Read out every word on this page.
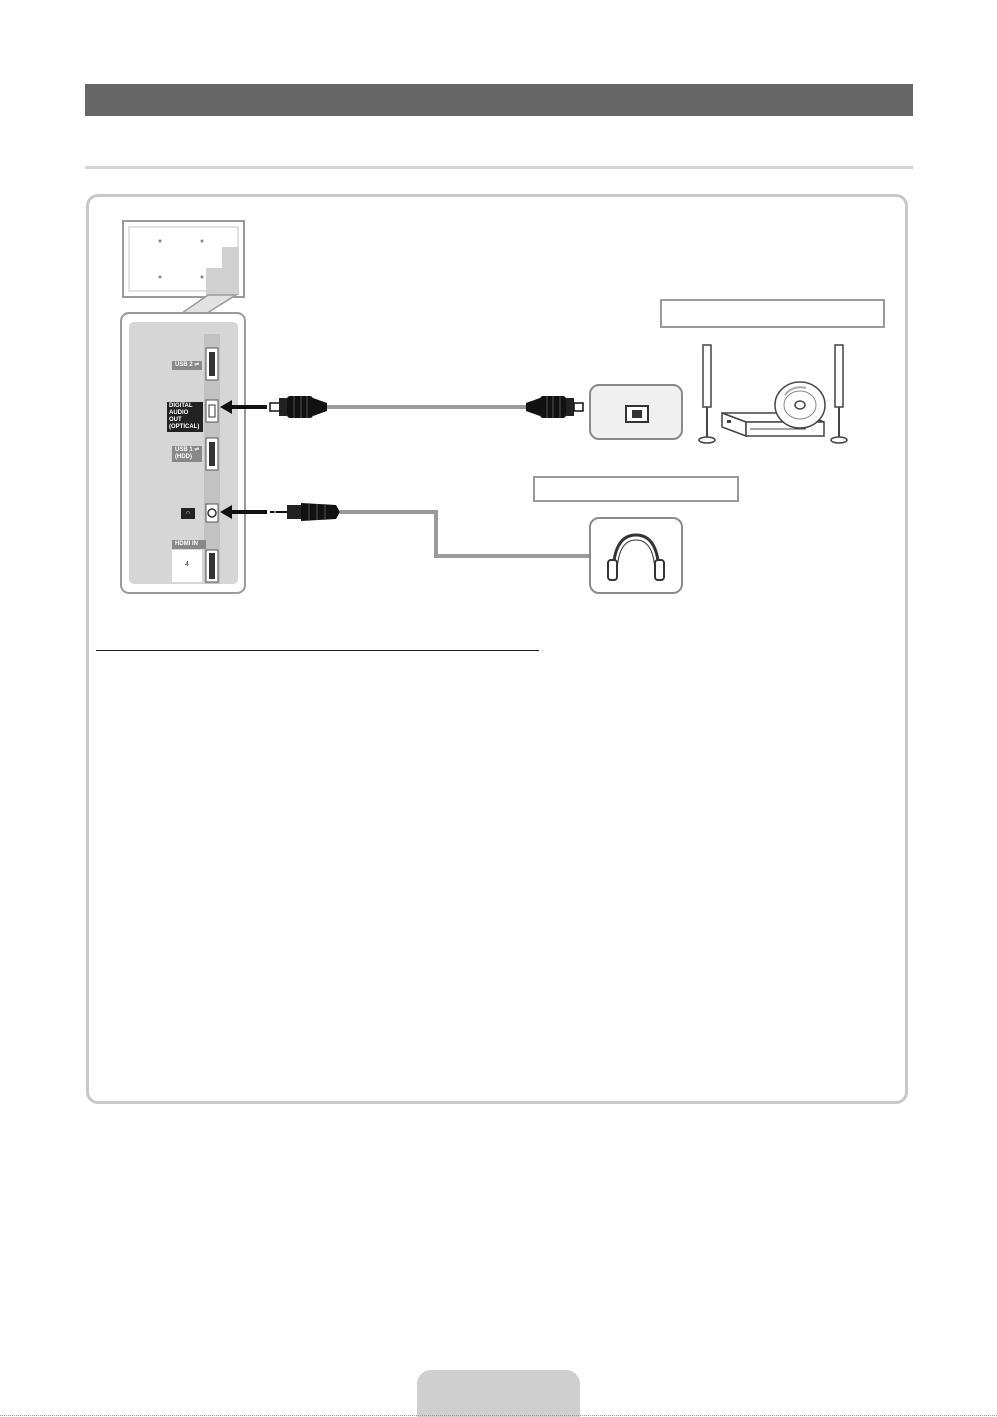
USB 2 ⇌
DIGITAL
AUDIO OUT
(OPTICAL)
USB 1 ⇌
(HDD)
∩
HDMI IN
4
